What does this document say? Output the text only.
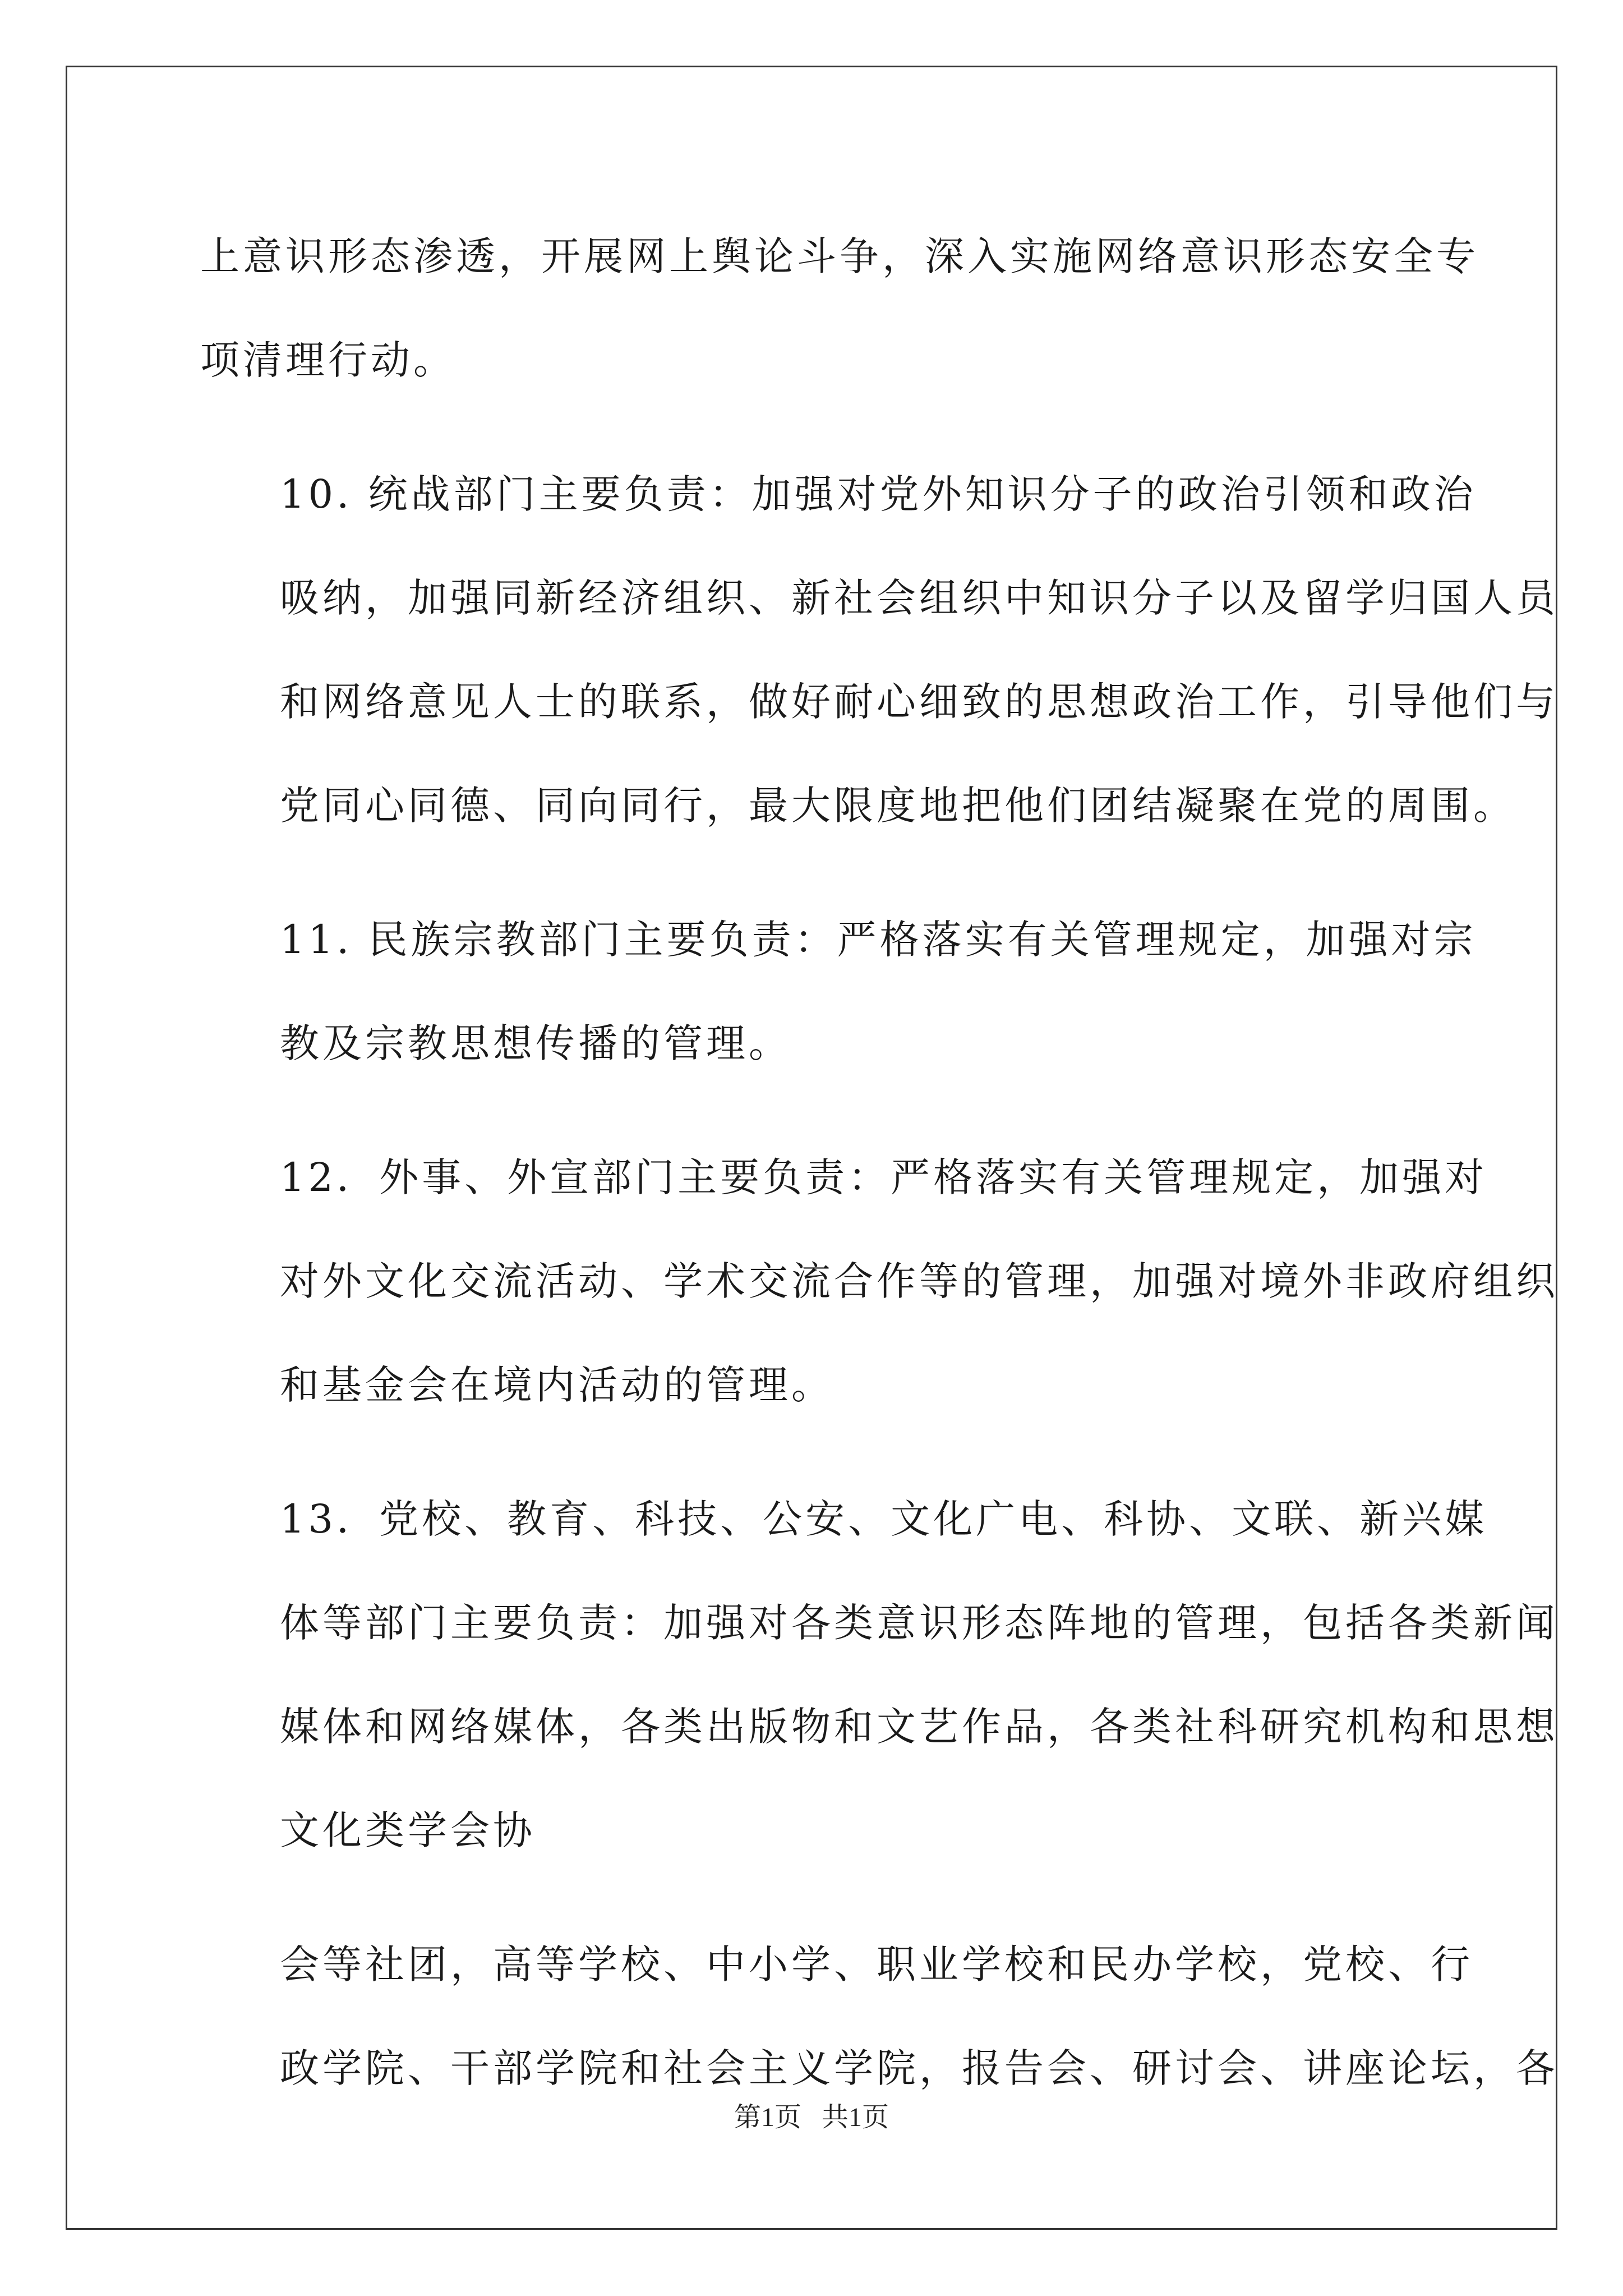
上意识形态渗透，开展网上舆论斗争，深入实施网络意识形态安全专
项清理行动。

10. 统战部门主要负责：加强对党外知识分子的政治引领和政治
吸纳，加强同新经济组织、新社会组织中知识分子以及留学归国人员
和网络意见人士的联系，做好耐心细致的思想政治工作，引导他们与
党同心同德、同向同行，最大限度地把他们团结凝聚在党的周围。

11. 民族宗教部门主要负责：严格落实有关管理规定，加强对宗
教及宗教思想传播的管理。

12．外事、外宣部门主要负责：严格落实有关管理规定，加强对
对外文化交流活动、学术交流合作等的管理，加强对境外非政府组织
和基金会在境内活动的管理。

13．党校、教育、科技、公安、文化广电、科协、文联、新兴媒
体等部门主要负责：加强对各类意识形态阵地的管理，包括各类新闻
媒体和网络媒体，各类出版物和文艺作品，各类社科研究机构和思想
文化类学会协

会等社团，高等学校、中小学、职业学校和民办学校，党校、行
政学院、干部学院和社会主义学院，报告会、研讨会、讲座论坛，各

第1页   共1页
